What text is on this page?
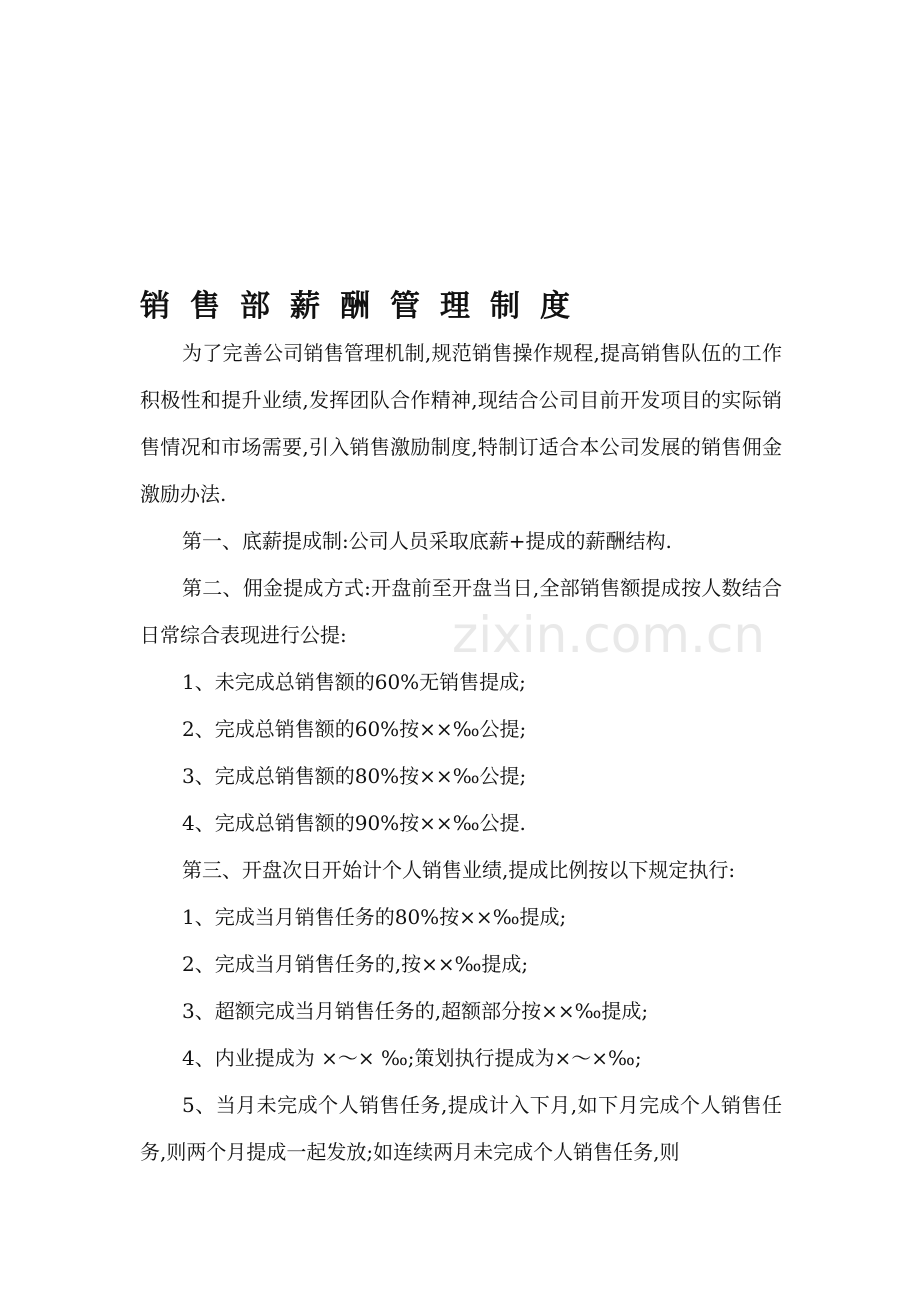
销售部薪酬管理制度

为了完善公司销售管理机制,规范销售操作规程,提高销售队伍的工作积极性和提升业绩,发挥团队合作精神,现结合公司目前开发项目的实际销售情况和市场需要,引入销售激励制度,特制订适合本公司发展的销售佣金激励办法.

第一、底薪提成制:公司人员采取底薪+提成的薪酬结构.

第二、佣金提成方式:开盘前至开盘当日,全部销售额提成按人数结合日常综合表现进行公提:

1、未完成总销售额的60%无销售提成;

2、完成总销售额的60%按××‰公提;

3、完成总销售额的80%按××‰公提;

4、完成总销售额的90%按××‰公提.

第三、开盘次日开始计个人销售业绩,提成比例按以下规定执行:

1、完成当月销售任务的80%按××‰提成;

2、完成当月销售任务的,按××‰提成;

3、超额完成当月销售任务的,超额部分按××‰提成;

4、内业提成为 ×～× ‰;策划执行提成为×～×‰;

5、当月未完成个人销售任务,提成计入下月,如下月完成个人销售任务,则两个月提成一起发放;如连续两月未完成个人销售任务,则

zixin.com.cn
